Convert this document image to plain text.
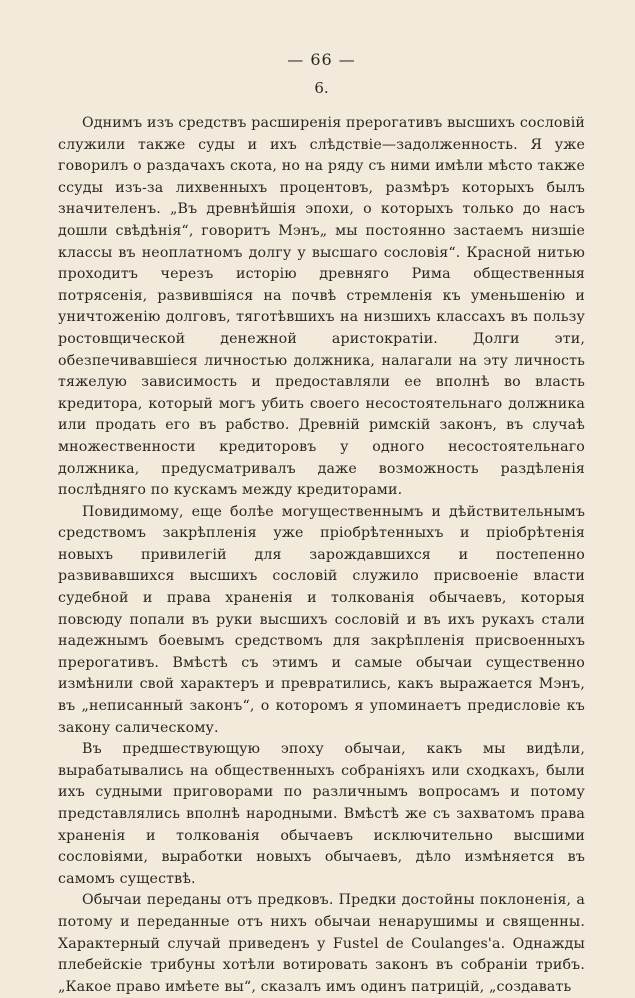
— 66 —
6.

Однимъ изъ средствъ расширенія прерогативъ высшихъ сословій служили также суды и ихъ слѣдствіе—задолженность. Я уже говорилъ о раздачахъ скота, но на ряду съ ними имѣли мѣсто также ссуды изъ-за лихвенныхъ процентовъ, размѣръ которыхъ былъ значителенъ. „Въ древнѣйшія эпохи, о которыхъ только до насъ дошли свѣдѣнія“, говоритъ Мэнъ„ мы постоянно застаемъ низшіе классы въ неоплатномъ долгу у высшаго сословія“. Красной нитью проходитъ черезъ исторію древняго Рима общественныя потрясенія, развившіяся на почвѣ стремленія къ уменьшенію и уничтоженію долговъ, тяготѣвшихъ на низшихъ классахъ въ пользу ростовщической денежной аристократіи. Долги эти, обезпечивавшіеся личностью должника, налагали на эту личность тяжелую зависимость и предоставляли ее вполнѣ во власть кредитора, который могъ убить своего несостоятельнаго должника или продать его въ рабство. Древній римскій законъ, въ случаѣ множественности кредиторовъ у одного несостоятельнаго должника, предусматривалъ даже возможность раздѣленія послѣдняго по кускамъ между кредиторами.

Повидимому, еще болѣе могущественнымъ и дѣйствительнымъ средствомъ закрѣпленія уже пріобрѣтенныхъ и пріобрѣтенія новыхъ привилегій для зарождавшихся и постепенно развивавшихся высшихъ сословій служило присвоеніе власти судебной и права храненія и толкованія обычаевъ, которыя повсюду попали въ руки высшихъ сословій и въ ихъ рукахъ стали надежнымъ боевымъ средствомъ для закрѣпленія присвоенныхъ прерогативъ. Вмѣстѣ съ этимъ и самые обычаи существенно измѣнили свой характеръ и превратились, какъ выражается Мэнъ, въ „неписанный законъ“, о которомъ я упоминаетъ предисловіе къ закону салическому.

Въ предшествующую эпоху обычаи, какъ мы видѣли, вырабатывались на общественныхъ собраніяхъ или сходкахъ, были ихъ судными приговорами по различнымъ вопросамъ и потому представлялись вполнѣ народными. Вмѣстѣ же съ захватомъ права храненія и толкованія обычаевъ исключительно высшими сословіями, выработки новыхъ обычаевъ, дѣло измѣняется въ самомъ существѣ.

Обычаи переданы отъ предковъ. Предки достойны поклоненія, а потому и переданные отъ нихъ обычаи ненарушимы и священны. Характерный случай приведенъ у Fustel de Coulanges'a. Однажды плебейскіе трибуны хотѣли вотировать законъ въ собраніи трибъ. „Какое право имѣете вы“, сказалъ имъ одинъ патрицій, „создавать
